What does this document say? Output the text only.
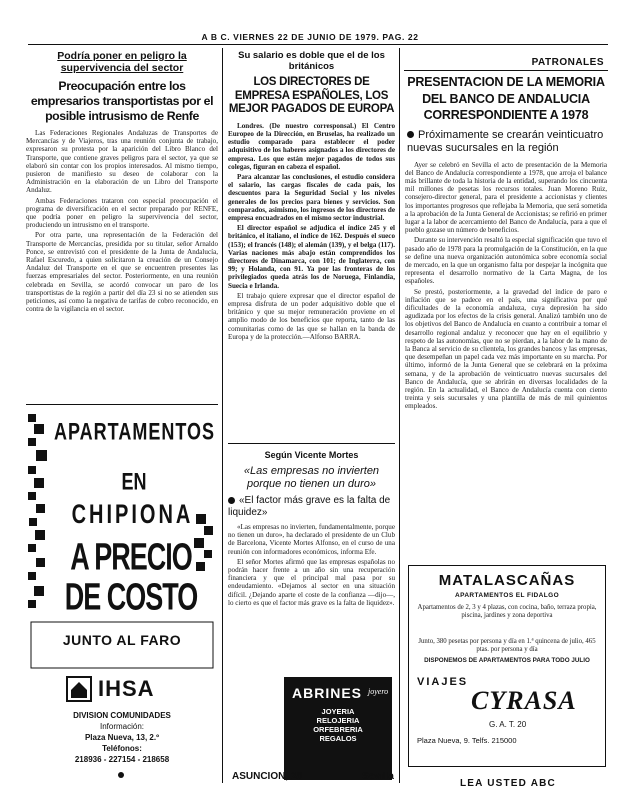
A B C. VIERNES 22 DE JUNIO DE 1979. PAG. 22
Podría poner en peligro la supervivencia del sector
Preocupación entre los empresarios transportistas por el posible intrusismo de Renfe

Las Federaciones Regionales Andaluzas de Transportes de Mercancías y de Viajeros, tras una reunión conjunta de trabajo, expresaron su protesta por la aparición del Libro Blanco del Transporte, que contiene graves peligros para el sector, ya que se elaboró sin contar con los propios interesados. Al mismo tiempo, pusieron de manifiesto su deseo de colaborar con la Administración en la elaboración de un Libro del Transporte Andaluz.

Ambas Federaciones trataron con especial preocupación el programa de diversificación en el sector preparado por RENFE, que podría poner en peligro la supervivencia del sector, produciendo un intrusismo en el transporte.

Por otra parte, una representación de la Federación del Transporte de Mercancías, presidida por su titular, señor Arnaldo Ponce, se entrevistó con el presidente de la Junta de Andalucía, Rafael Escuredo, a quien solicitaron la creación de un Consejo Andaluz del Transporte en el que se encuentren presentes las fuerzas empresariales del sector. Posteriormente, en una reunión celebrada en Sevilla, se acordó convocar un paro de los transportistas de la región a partir del día 23 si no se atienden sus peticiones, así como la negativa de tarifas de cobro reconocido, en contra de la vigilancia en el sector.

APARTAMENTOS
EN
CHIPIONA
A PRECIO
DE COSTO
JUNTO AL FARO
IHSA
DIVISION COMUNIDADES
Información:
Plaza Nueva, 13, 2.º
Teléfonos:
218936 - 227154 - 218658
Su salario es doble que el de los británicos
LOS DIRECTORES DE EMPRESA ESPAÑOLES, LOS MEJOR PAGADOS DE EUROPA

Londres. (De nuestro corresponsal.) El Centro Europeo de la Dirección, en Bruselas, ha realizado un estudio comparado para establecer el poder adquisitivo de los haberes asignados a los directores de empresa. Los que están mejor pagados de todos sus colegas, figuran en cabeza el español.

Para alcanzar las conclusiones, el estudio considera el salario, las cargas fiscales de cada país, los descuentos para la Seguridad Social y los niveles generales de los precios para bienes y servicios. Son comparados, asimismo, los ingresos de los directores de empresa encuadrados en el mismo sector industrial.

El director español se adjudica el índice 245 y el británico, el italiano, el índice de 162. Después el sueco (153); el francés (148); el alemán (139), y el belga (117). Varias naciones más abajo están comprendidos los directores de Dinamarca, con 101; de Inglaterra, con 99; y Holanda, con 91. Ya por las fronteras de los privilegiados queda atrás los de Noruega, Finlandia, Suecia e Irlanda.

El trabajo quiere expresar que el director español de empresa disfruta de un poder adquisitivo doble que el británico y que su mejor remuneración proviene en el amplio modo de los beneficios que reporta, tanto de las comunitarias como de las que se hallan en la banda de Europa y de la protección.—Alfonso BARRA.

Según Vicente Mortes
«Las empresas no invierten porque no tienen un duro»
«El factor más grave es la falta de liquidez»

«Las empresas no invierten, fundamentalmente, porque no tienen un duro», ha declarado el presidente de un Club de Barcelona, Vicente Mortes Alfonso, en el curso de una reunión con informadores económicos, informa Efe.

El señor Mortes afirmó que las empresas españolas no podrán hacer frente a un año sin una recuperación financiera y que el principal mal pasa por su endeudamiento. «Dejamos al sector en una situación difícil. ¿Dejando aparte el coste de la confianza —dijo—, lo cierto es que el factor más grave es la falta de liquidez».

ABRINES joyero
JOYERIA
RELOJERIA
ORFEBRERIA
REGALOS
ASUNCION, 28	Sevilla
PATRONALES
PRESENTACION DE LA MEMORIA DEL BANCO DE ANDALUCIA CORRESPONDIENTE A 1978
Próximamente se crearán veinticuatro nuevas sucursales en la región

Ayer se celebró en Sevilla el acto de presentación de la Memoria del Banco de Andalucía correspondiente a 1978, que arroja el balance más brillante de toda la historia de la entidad, superando los cincuenta mil millones de pesetas los recursos totales. Juan Moreno Ruiz, consejero-director general, para el presidente a accionistas y clientes los importantes progresos que reflejaba la Memoria, que será sometida a la aprobación de la Junta General de Accionistas; se refirió en primer lugar a la labor de acercamiento del Banco de Andalucía, para a que el pueblo gozase un número de beneficios.

Durante su intervención resaltó la especial significación que tuvo el pasado año de 1978 para la promulgación de la Constitución, en la que se define una nueva organización autonómica sobre economía social de mercado, en la que un organismo falta por despejar la incógnita que representa el desarrollo normativo de la Carta Magna, de los españoles.

Se prestó, posteriormente, a la gravedad del índice de paro e inflación que se padece en el país, una significativa por qué dificultades de la economía andaluza, cuya depresión ha sido agudizada por los efectos de la crisis general. Analizó también uno de los objetivos del Banco de Andalucía en cuanto a contribuir a tomar el desarrollo regional andaluz y reconocer que hay en el equilibrio y respeto de las autonomías, que no se pierdan, a la labor de la mano de la Banca al servicio de su clientela, los grandes bancos y las empresas, que desempeñan un papel cada vez más importante en su marcha. Por último, informó de la Junta General que se celebrará en la próxima semana, y de la aprobación de veinticuatro nuevas sucursales del Banco de Andalucía, que se abrirán en diversas localidades de la región. En la actualidad, el Banco de Andalucía cuenta con ciento treinta y seis sucursales y una plantilla de más de mil quinientos empleados.

MATALASCAÑAS
APARTAMENTOS EL FIDALGO

Apartamentos de 2, 3 y 4 plazas, con cocina, baño, terraza propia, piscina, jardines y zona deportiva

Junto, 380 pesetas por persona y día en 1.ª quincena de julio, 465 ptas. por persona y día

DISPONEMOS DE APARTAMENTOS PARA TODO JULIO

VIAJES
CYRASA
G. A. T. 20
Plaza Nueva, 9. Telfs. 215000
LEA USTED ABC
